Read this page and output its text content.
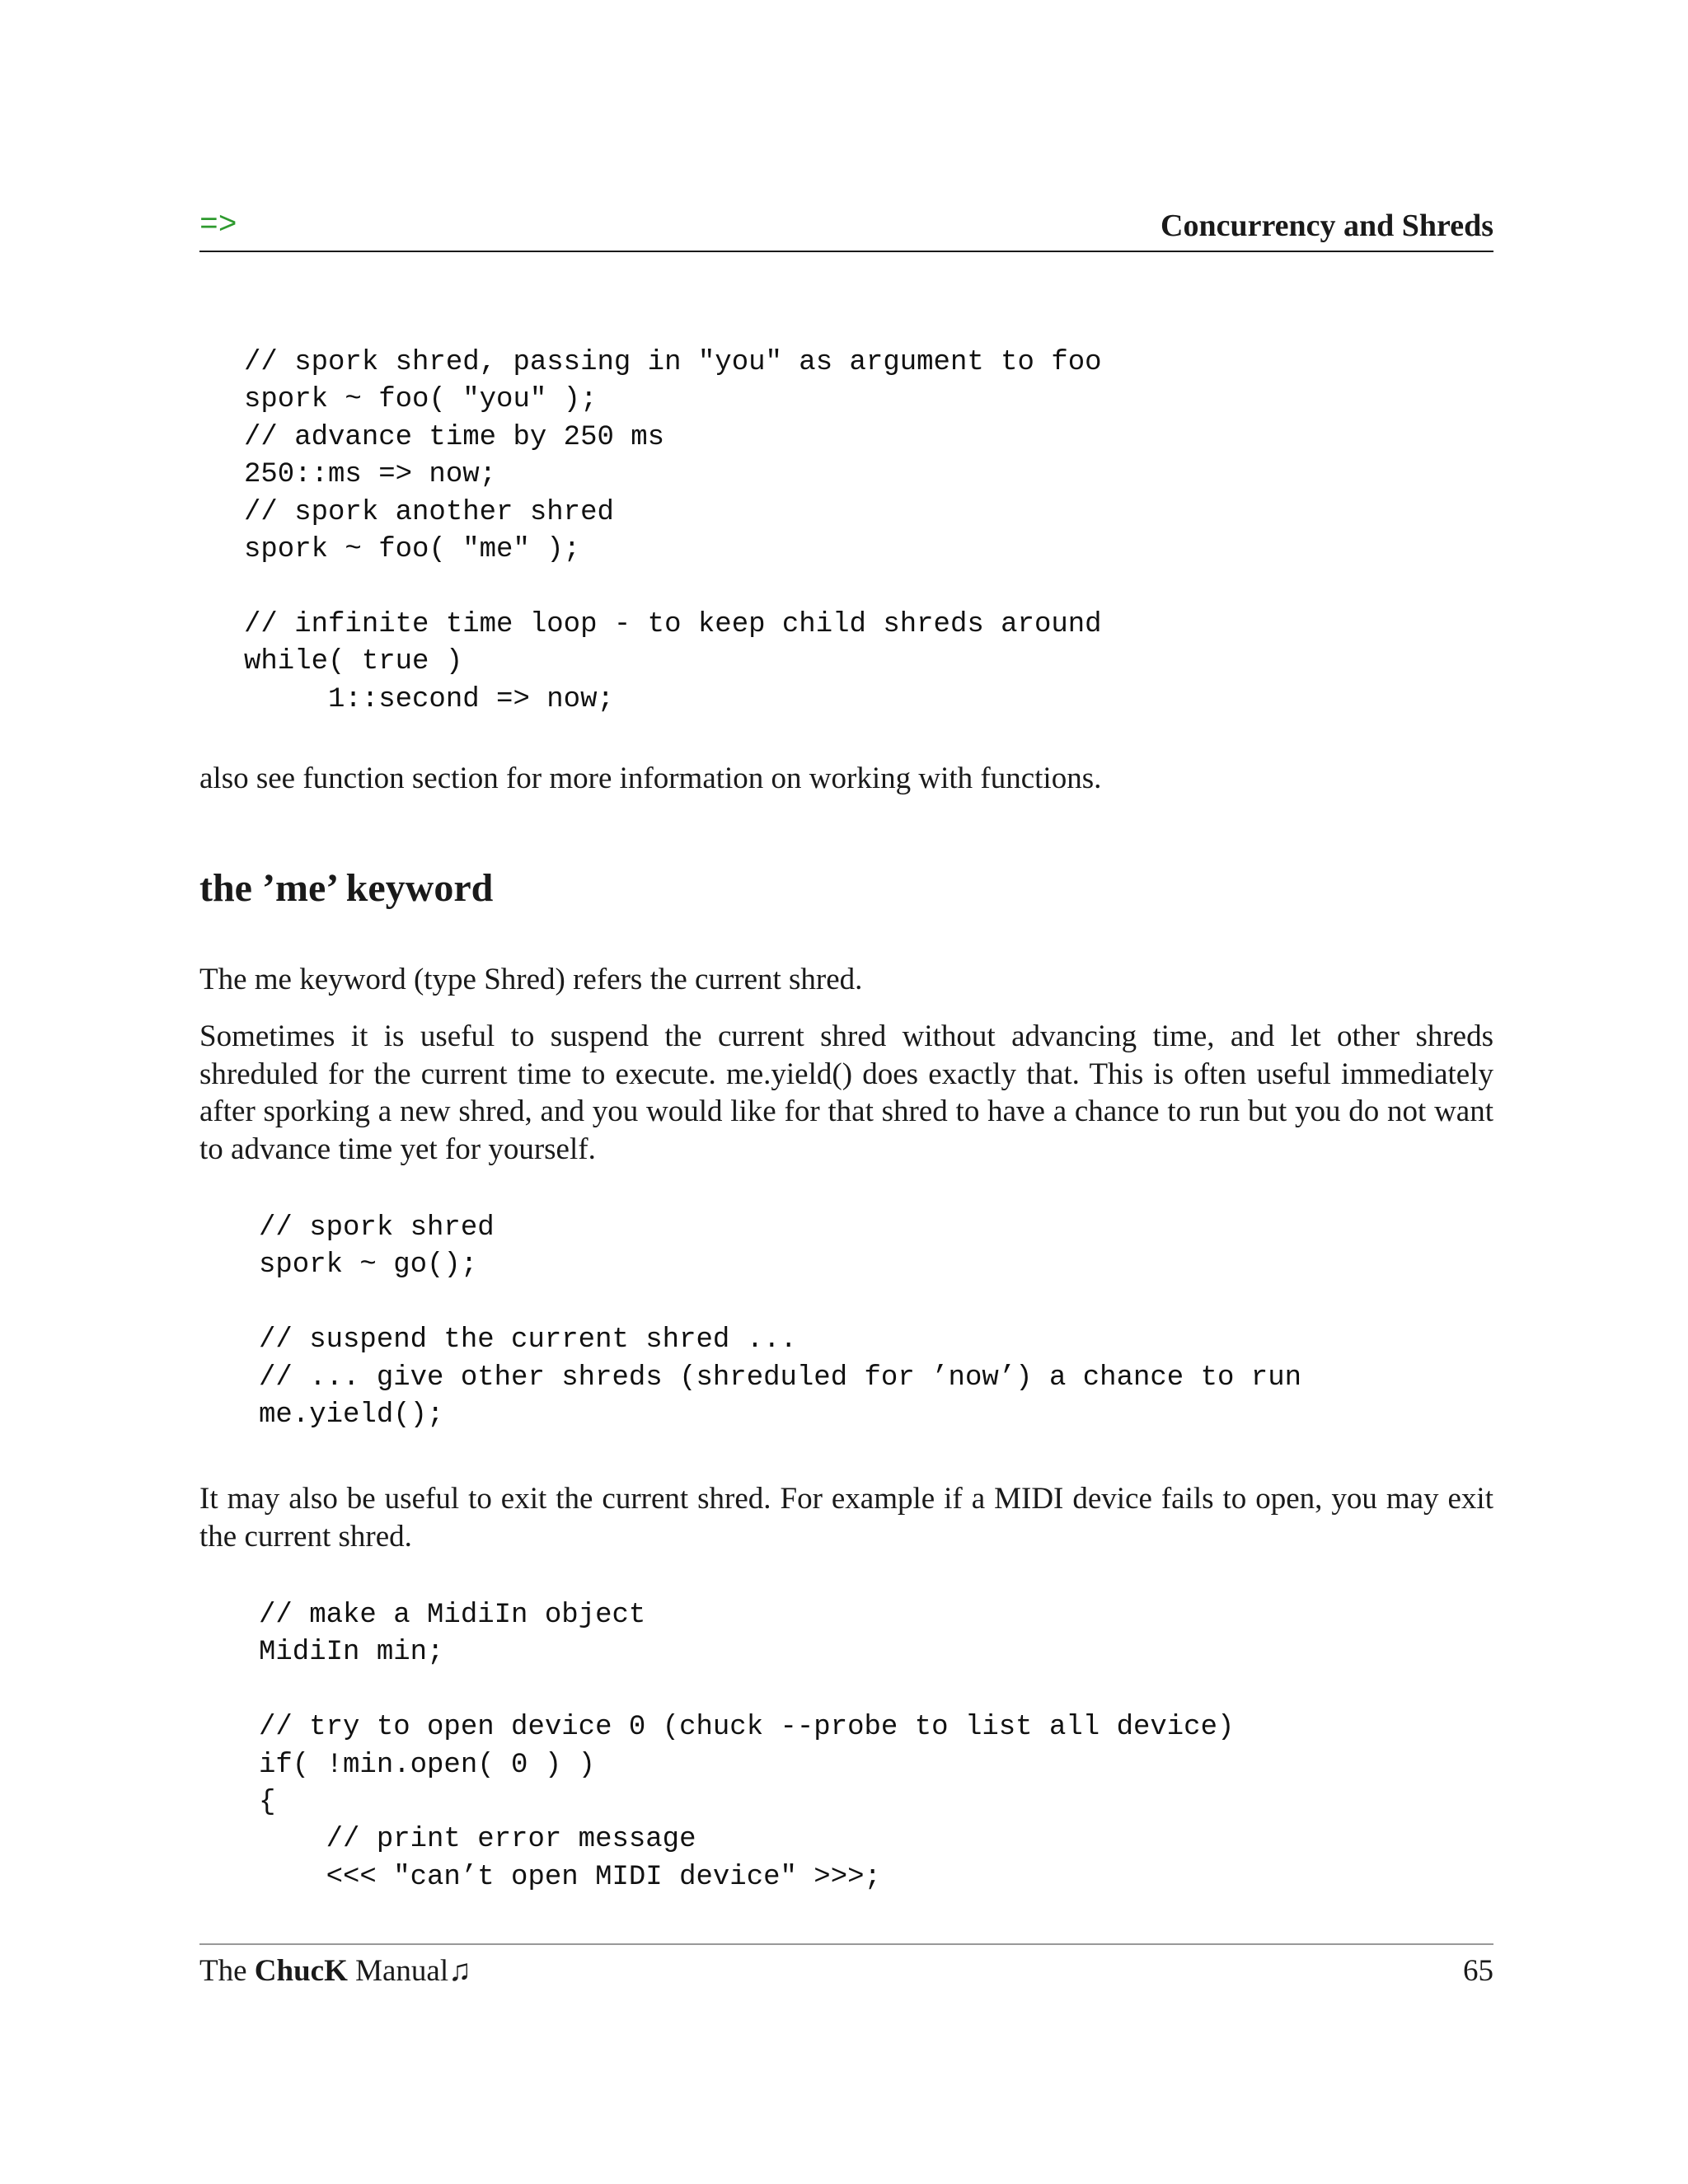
=>	Concurrency and Shreds
// spork shred, passing in "you" as argument to foo
spork ~ foo( "you" );
// advance time by 250 ms
250::ms => now;
// spork another shred
spork ~ foo( "me" );
// infinite time loop - to keep child shreds around
while( true )
1::second => now;

also see function section for more information on working with functions.

the ’me’ keyword

The me keyword (type Shred) refers the current shred.

Sometimes it is useful to suspend the current shred without advancing time, and let other shreds shreduled for the current time to execute. me.yield() does exactly that. This is often useful immediately after sporking a new shred, and you would like for that shred to have a chance to run but you do not want to advance time yet for yourself.

// spork shred
spork ~ go();
// suspend the current shred ...
// ... give other shreds (shreduled for ’now’) a chance to run
me.yield();

It may also be useful to exit the current shred. For example if a MIDI device fails to open, you may exit the current shred.

// make a MidiIn object
MidiIn min;
// try to open device 0 (chuck --probe to list all device)
if( !min.open( 0 ) )
{
// print error message
<<< "can’t open MIDI device" >>>;
The ChucK Manual♫	65
